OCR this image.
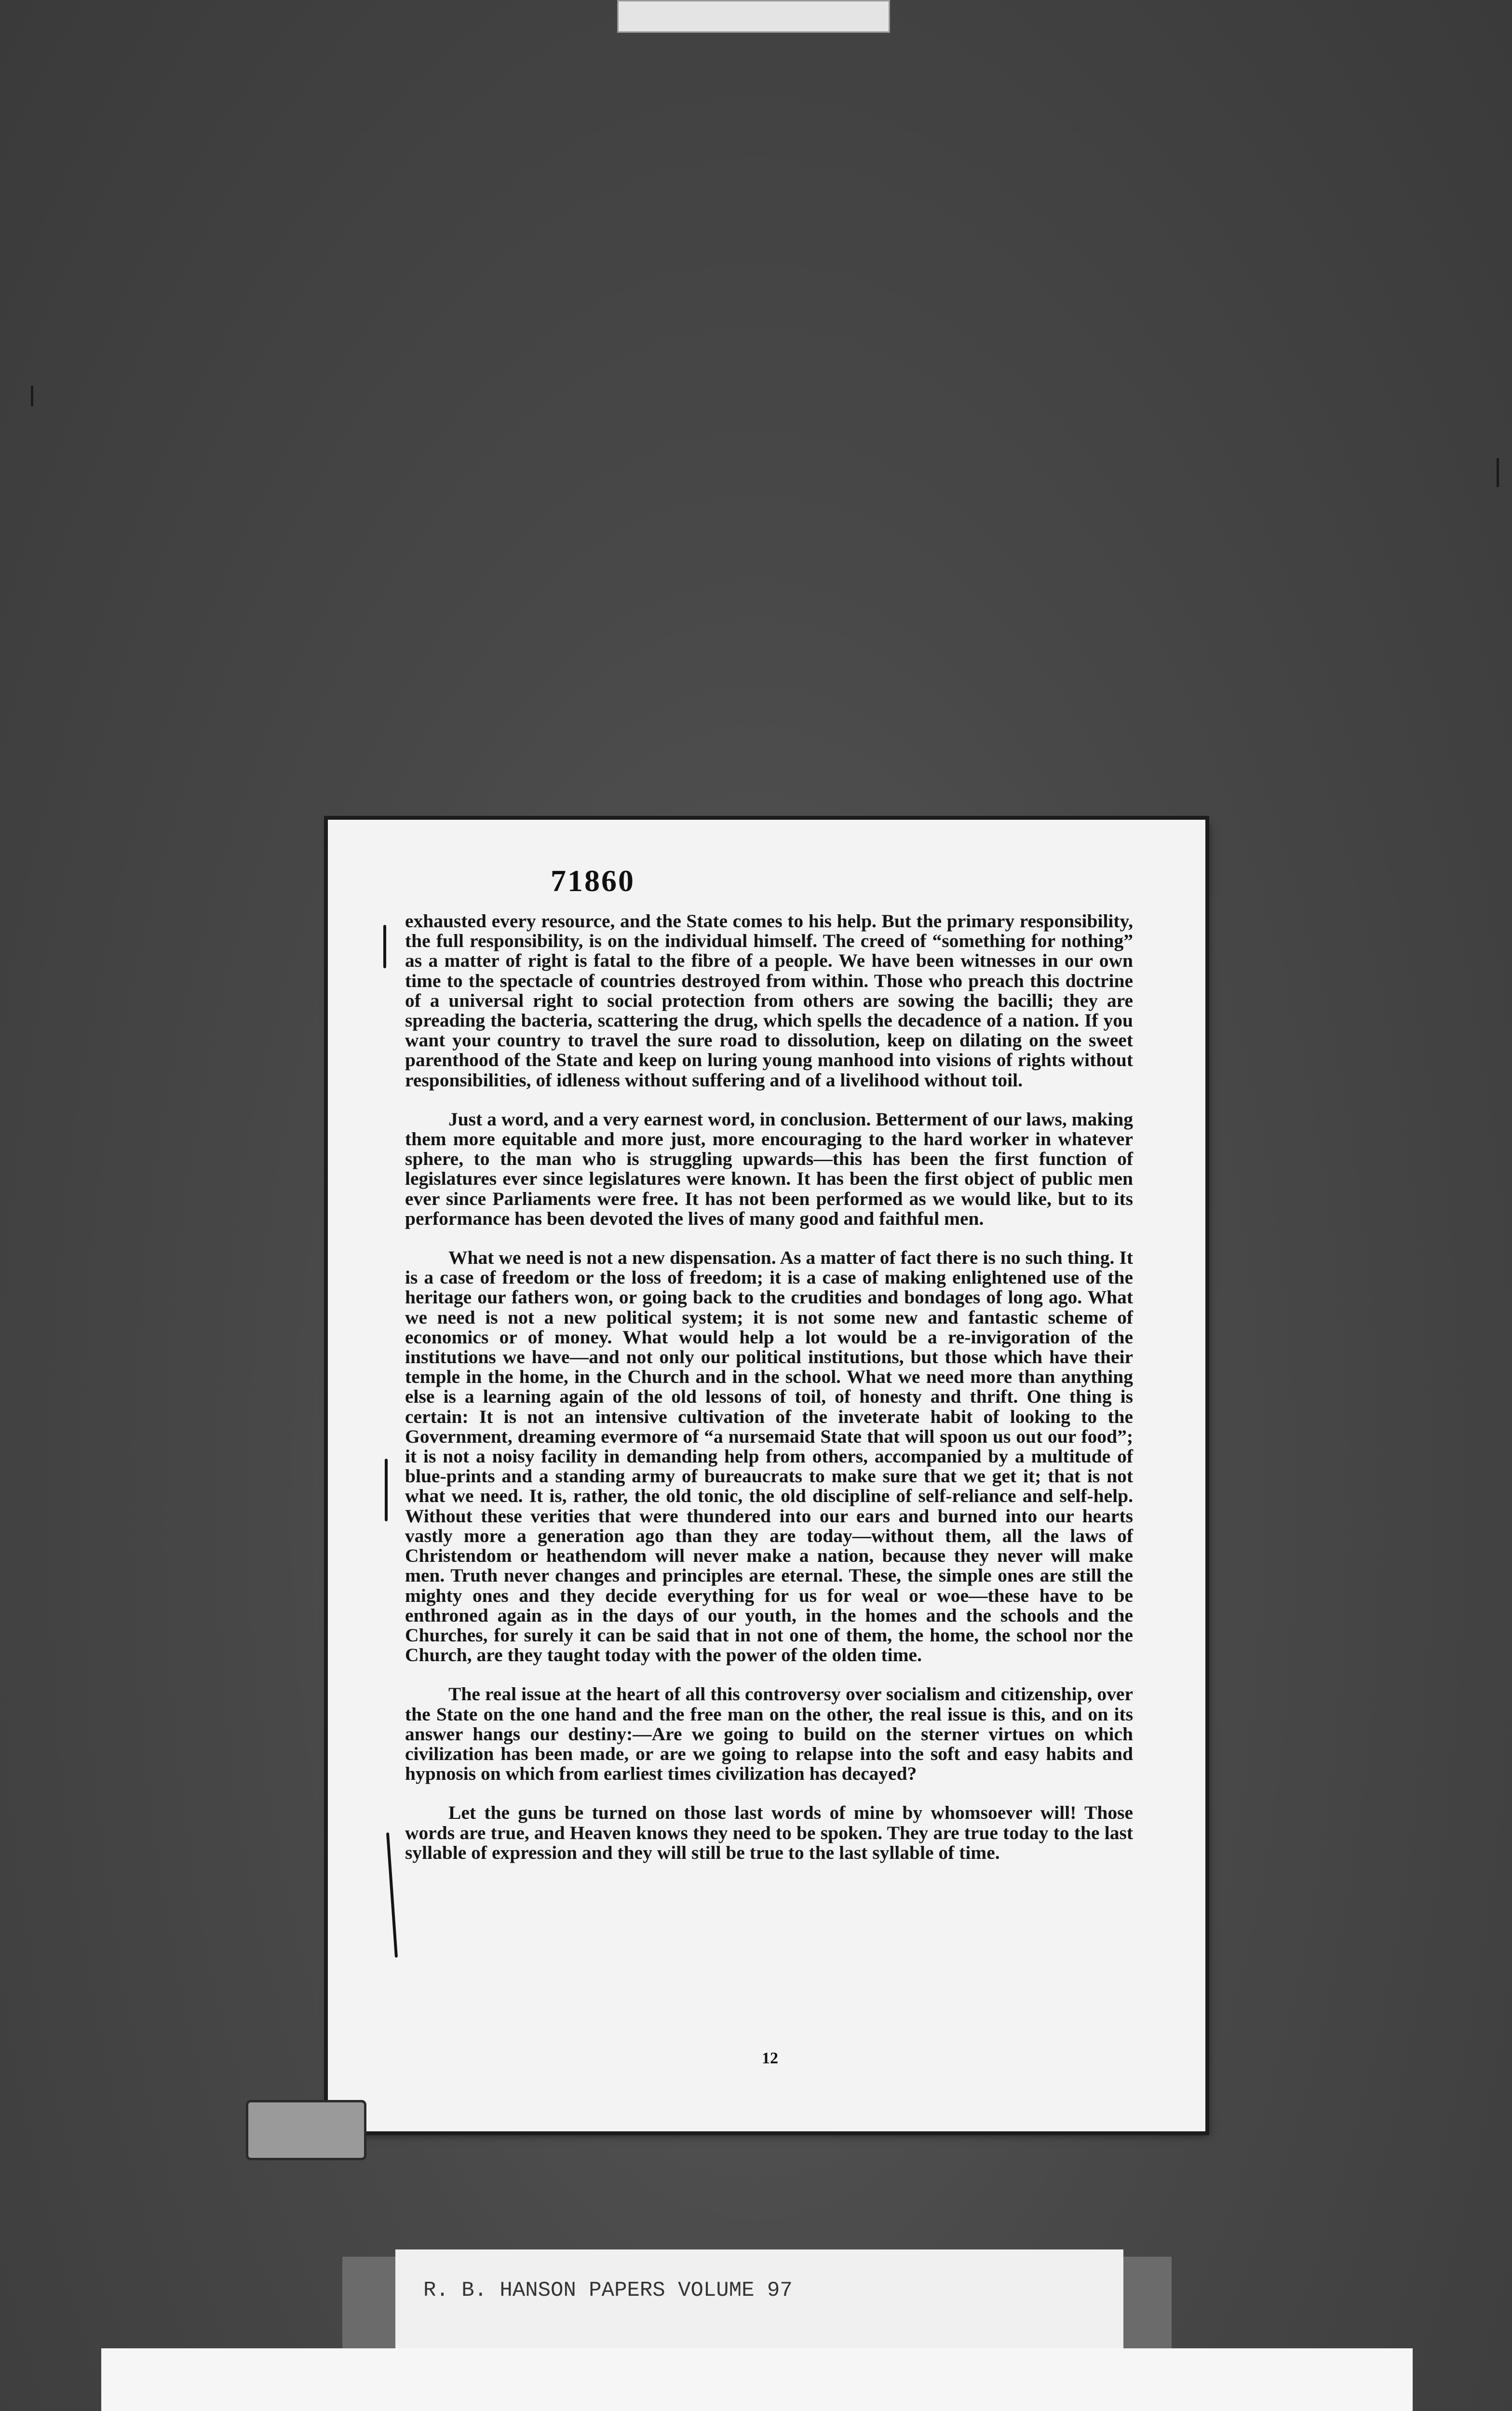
71860

exhausted every resource, and the State comes to his help. But the primary responsibility, the full responsibility, is on the individual himself. The creed of “something for nothing” as a matter of right is fatal to the fibre of a people. We have been witnesses in our own time to the spectacle of countries destroyed from within. Those who preach this doctrine of a universal right to social protection from others are sowing the bacilli; they are spreading the bacteria, scattering the drug, which spells the decadence of a nation. If you want your country to travel the sure road to dissolution, keep on dilating on the sweet parenthood of the State and keep on luring young manhood into visions of rights without responsibilities, of idleness without suffering and of a livelihood without toil.

Just a word, and a very earnest word, in conclusion. Betterment of our laws, making them more equitable and more just, more encouraging to the hard worker in whatever sphere, to the man who is struggling upwards—this has been the first function of legislatures ever since legislatures were known. It has been the first object of public men ever since Parliaments were free. It has not been performed as we would like, but to its performance has been devoted the lives of many good and faithful men.

What we need is not a new dispensation. As a matter of fact there is no such thing. It is a case of freedom or the loss of freedom; it is a case of making enlightened use of the heritage our fathers won, or going back to the crudities and bondages of long ago. What we need is not a new political system; it is not some new and fantastic scheme of economics or of money. What would help a lot would be a re-invigoration of the institutions we have—and not only our political institutions, but those which have their temple in the home, in the Church and in the school. What we need more than anything else is a learning again of the old lessons of toil, of honesty and thrift. One thing is certain: It is not an intensive cultivation of the inveterate habit of looking to the Government, dreaming evermore of “a nursemaid State that will spoon us out our food”; it is not a noisy facility in demanding help from others, accompanied by a multitude of blue-prints and a standing army of bureaucrats to make sure that we get it; that is not what we need. It is, rather, the old tonic, the old discipline of self-reliance and self-help. Without these verities that were thundered into our ears and burned into our hearts vastly more a generation ago than they are today—without them, all the laws of Christendom or heathendom will never make a nation, because they never will make men. Truth never changes and principles are eternal. These, the simple ones are still the mighty ones and they decide everything for us for weal or woe—these have to be enthroned again as in the days of our youth, in the homes and the schools and the Churches, for surely it can be said that in not one of them, the home, the school nor the Church, are they taught today with the power of the olden time.

The real issue at the heart of all this controversy over socialism and citizenship, over the State on the one hand and the free man on the other, the real issue is this, and on its answer hangs our destiny:—Are we going to build on the sterner virtues on which civilization has been made, or are we going to relapse into the soft and easy habits and hypnosis on which from earliest times civilization has decayed?

Let the guns be turned on those last words of mine by whomsoever will! Those words are true, and Heaven knows they need to be spoken. They are true today to the last syllable of expression and they will still be true to the last syllable of time.

12
R. B. HANSON PAPERS VOLUME 97
